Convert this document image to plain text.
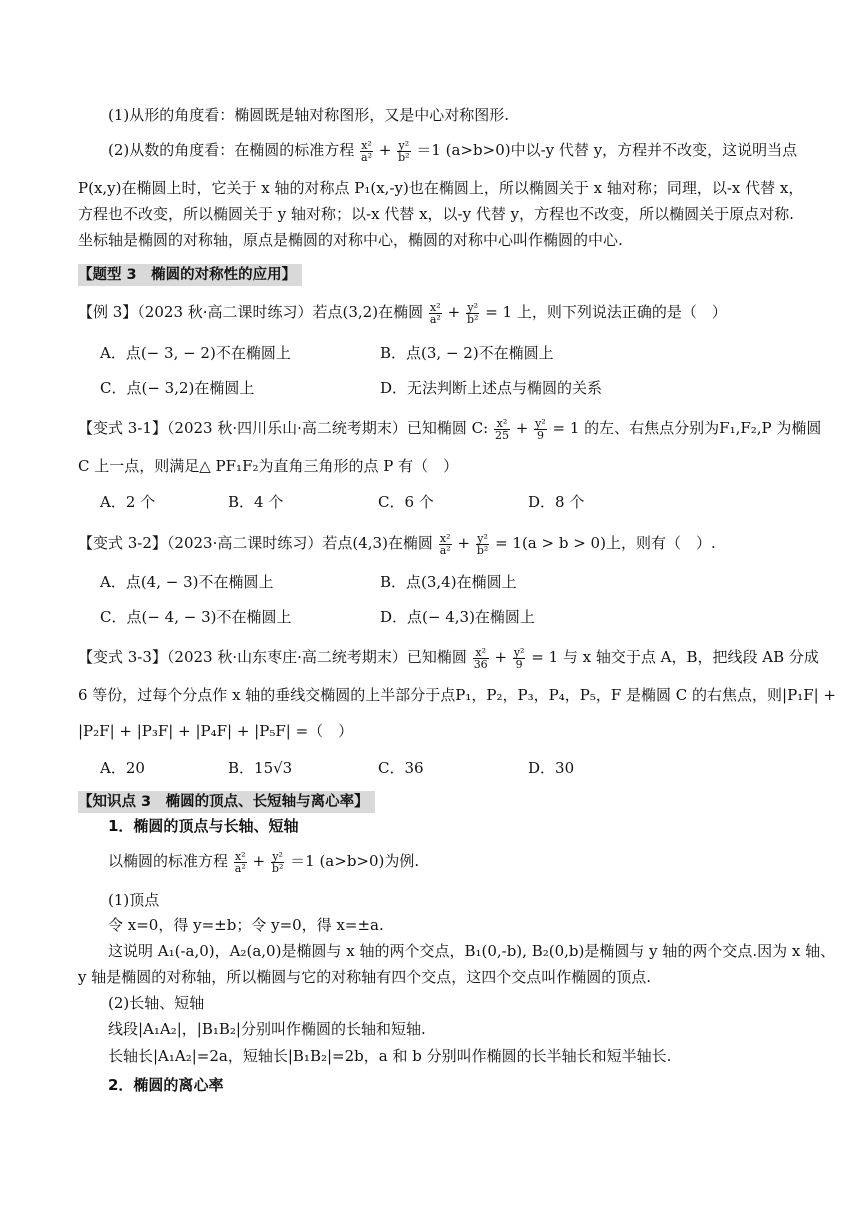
(1)从形的角度看：椭圆既是轴对称图形，又是中心对称图形.
(2)从数的角度看：在椭圆的标准方程 $\frac{\text{x²}}{\text{a²}} + \frac{\text{y²}}{\text{b²}} =1$ (a>b>0)中以-y 代替 y，方程并不改变，这说明当点
P(x,y)在椭圆上时，它关于 x 轴的对称点 P₁(x,-y)也在椭圆上，所以椭圆关于 x 轴对称；同理，以-x 代替 x，
方程也不改变，所以椭圆关于 y 轴对称；以-x 代替 x，以-y 代替 y，方程也不改变，所以椭圆关于原点对称.
坐标轴是椭圆的对称轴，原点是椭圆的对称中心，椭圆的对称中心叫作椭圆的中心.
【题型 3　椭圆的对称性的应用】
【例 3】（2023 秋·高二课时练习）若点(3,2)在椭圆 $\frac{\text{x²}}{\text{a²}} + \frac{\text{y²}}{\text{b²}} = 1$ 上，则下列说法正确的是（　）
A．点(− 3, − 2)不在椭圆上	B．点(3, − 2)不在椭圆上
C．点(− 3,2)在椭圆上	D．无法判断上述点与椭圆的关系
【变式 3-1】（2023 秋·四川乐山·高二统考期末）已知椭圆 C: $\frac{\text{x²}}{25} + \frac{\text{y²}}{9} = 1$ 的左、右焦点分别为F₁,F₂,P 为椭圆
C 上一点，则满足△ PF₁F₂为直角三角形的点 P 有（　）
A．2 个	B．4 个	C．6 个	D．8 个
【变式 3-2】（2023·高二课时练习）若点(4,3)在椭圆 $\frac{\text{x²}}{\text{a²}} + \frac{\text{y²}}{\text{b²}} = 1(a > b > 0)$上，则有（　）.
A．点(4, − 3)不在椭圆上	B．点(3,4)在椭圆上
C．点(− 4, − 3)不在椭圆上	D．点(− 4,3)在椭圆上
【变式 3-3】（2023 秋·山东枣庄·高二统考期末）已知椭圆 $\frac{\text{x²}}{36} + \frac{\text{y²}}{9} = 1$ 与 x 轴交于点 A，B，把线段 AB 分成
6 等份，过每个分点作 x 轴的垂线交椭圆的上半部分于点P₁，P₂，P₃，P₄，P₅，F 是椭圆 C 的右焦点，则|P₁F| +
|P₂F| + |P₃F| + |P₄F| + |P₅F| =（　）
A．20	B．15√3	C．36	D．30
【知识点 3　椭圆的顶点、长短轴与离心率】
1．椭圆的顶点与长轴、短轴
以椭圆的标准方程 $\frac{\text{x²}}{\text{a²}} + \frac{\text{y²}}{\text{b²}} =1$ (a>b>0)为例.
(1)顶点
令 x=0，得 y=±b；令 y=0，得 x=±a.
这说明 A₁(-a,0)，A₂(a,0)是椭圆与 x 轴的两个交点，B₁(0,-b), B₂(0,b)是椭圆与 y 轴的两个交点.因为 x 轴、
y 轴是椭圆的对称轴，所以椭圆与它的对称轴有四个交点，这四个交点叫作椭圆的顶点.
(2)长轴、短轴
线段|A₁A₂|，|B₁B₂|分别叫作椭圆的长轴和短轴.
长轴长|A₁A₂|=2a，短轴长|B₁B₂|=2b，a 和 b 分别叫作椭圆的长半轴长和短半轴长.
2．椭圆的离心率
